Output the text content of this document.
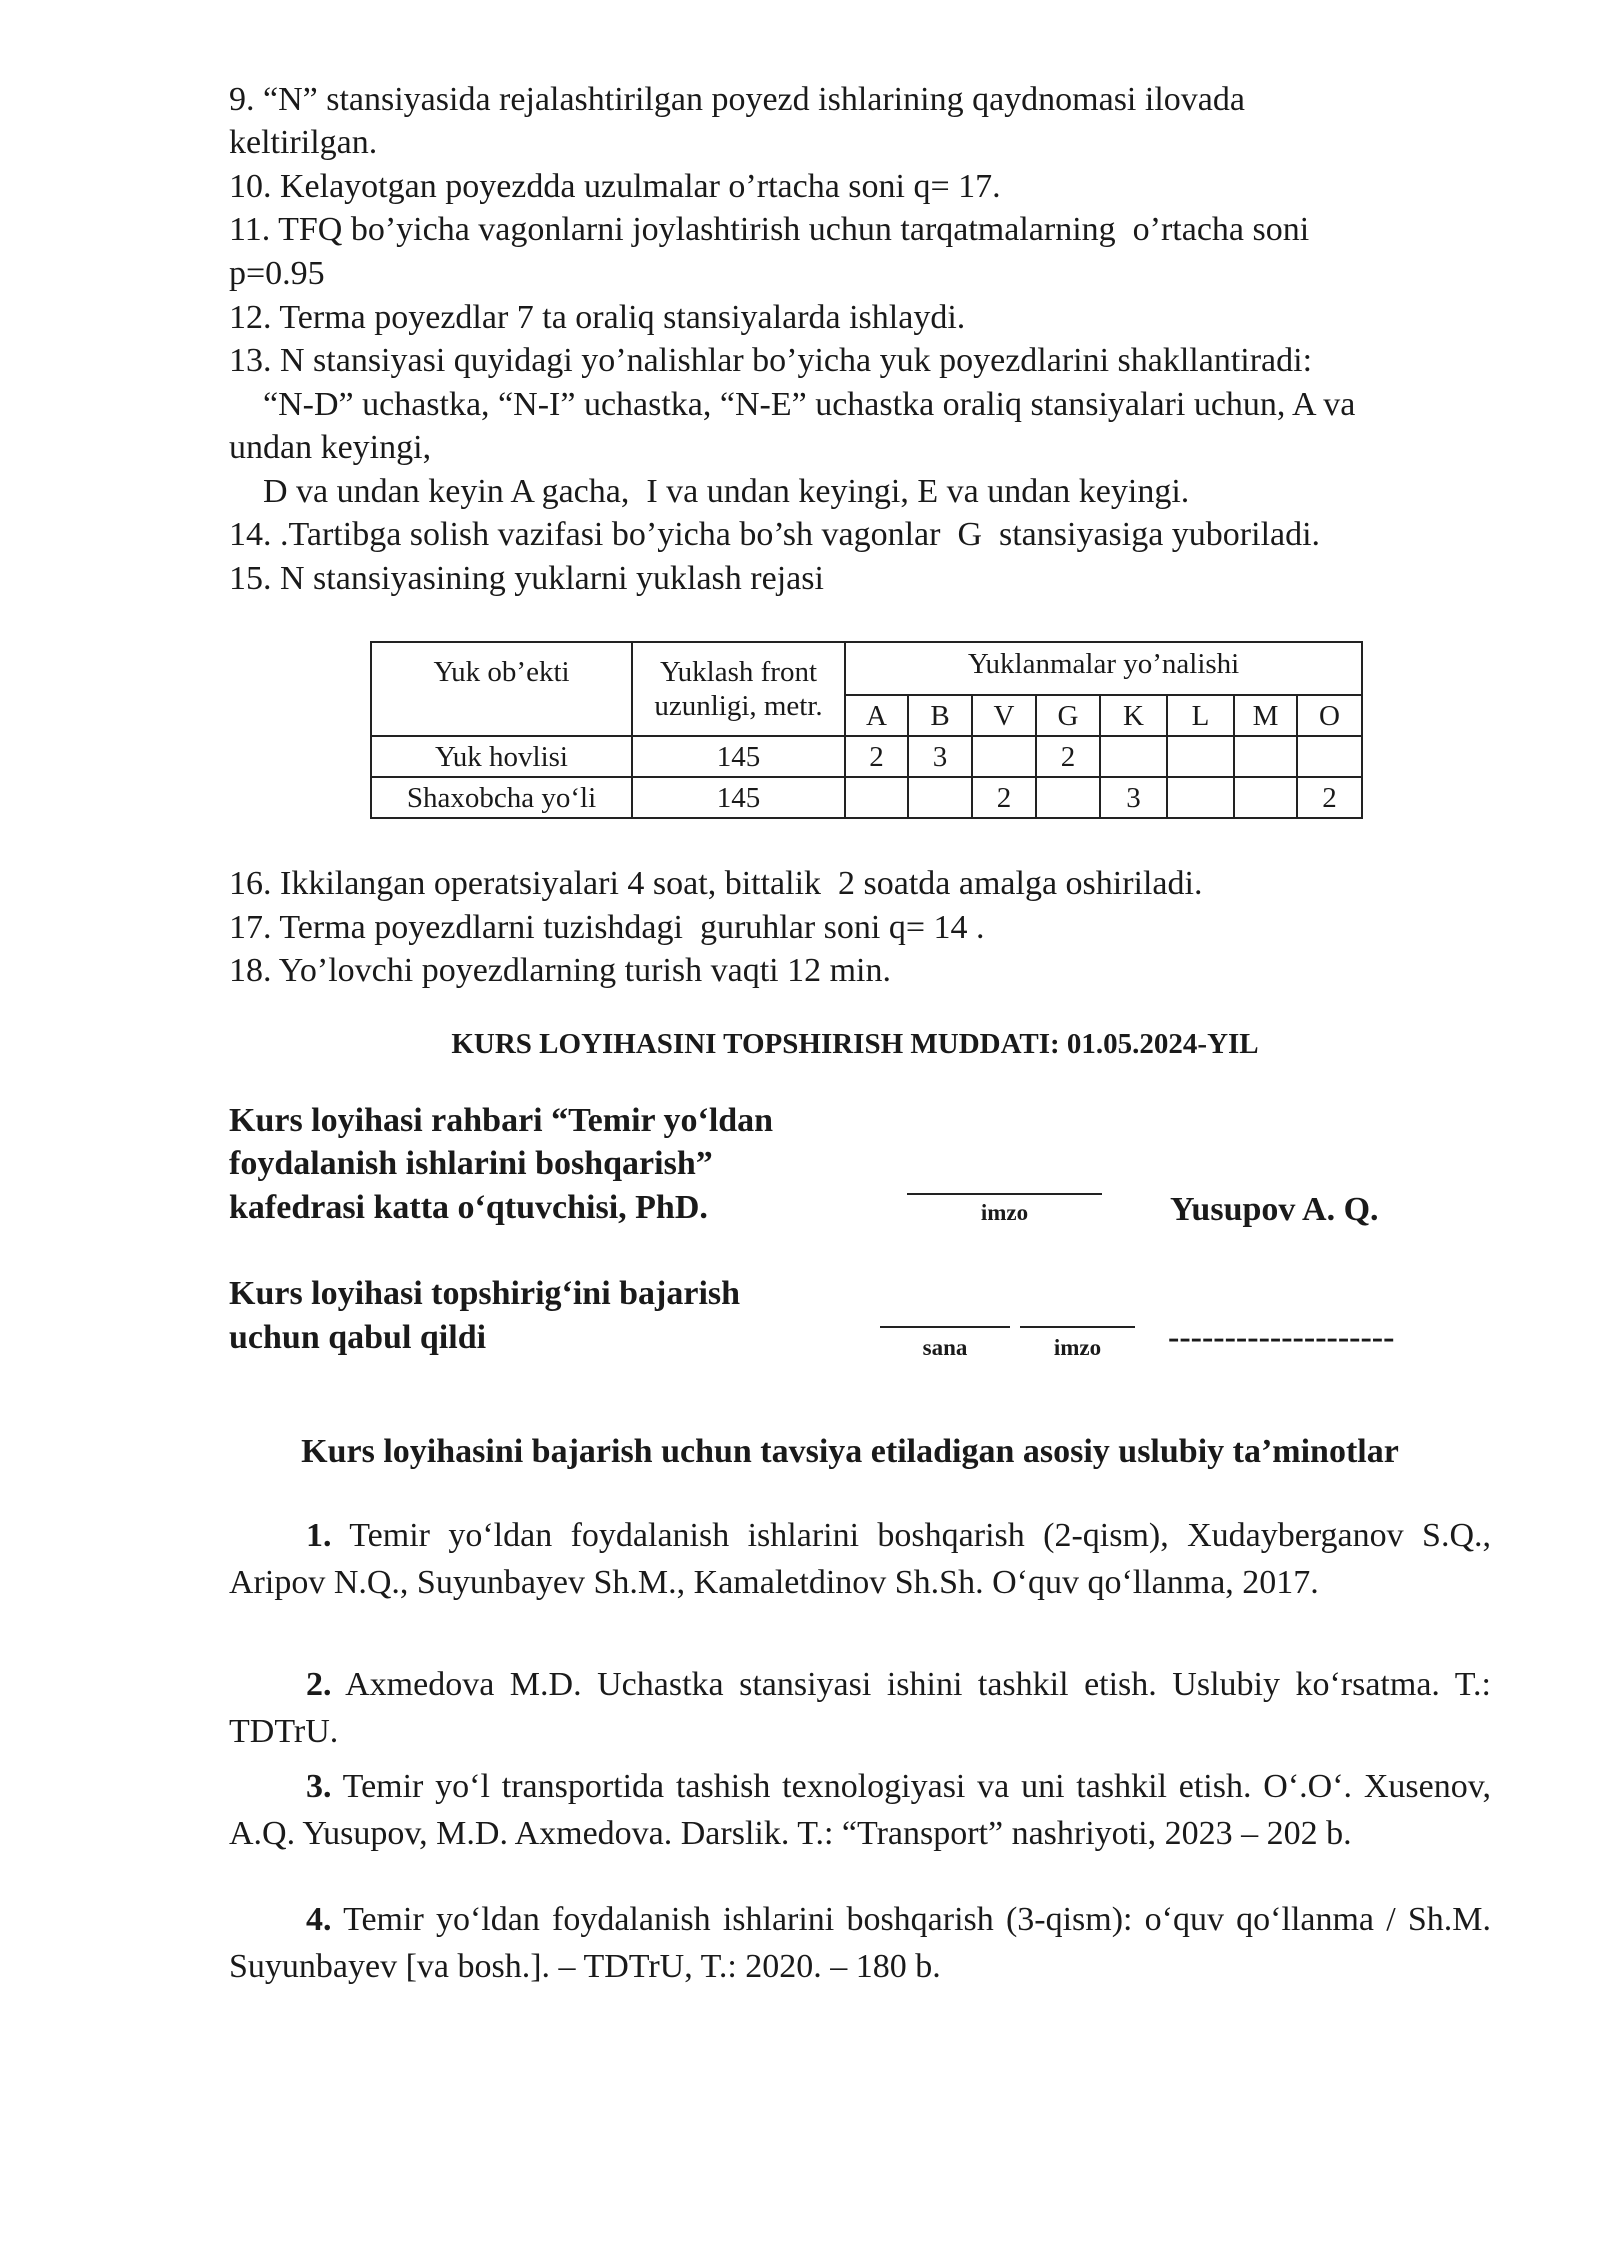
9. “N” stansiyasida rejalashtirilgan poyezd ishlarining qaydnomasi ilovada

keltirilgan.

10. Kelayotgan poyezdda uzulmalar o’rtacha soni q= 17.

11. TFQ bo’yicha vagonlarni joylashtirish uchun tarqatmalarning  o’rtacha soni

p=0.95

12. Terma poyezdlar 7 ta oraliq stansiyalarda ishlaydi.

13. N stansiyasi quyidagi yo’nalishlar bo’yicha yuk poyezdlarini shakllantiradi:

“N-D” uchastka, “N-I” uchastka, “N-E” uchastka oraliq stansiyalari uchun, A va

undan keyingi,

D va undan keyin A gacha,  I va undan keyingi, E va undan keyingi.

14. .Tartibga solish vazifasi bo’yicha bo’sh vagonlar  G  stansiyasiga yuboriladi.

15. N stansiyasining yuklarni yuklash rejasi

Yuk ob’ekti	Yuklash front uzunligi, metr.	Yuklanmalar yo’nalishi							
		A	B	V	G	K	L	M	O
Yuk hovlisi	145	2	3		2				
Shaxobcha yo‘li	145			2		3			2

16. Ikkilangan operatsiyalari 4 soat, bittalik  2 soatda amalga oshiriladi.

17. Terma poyezdlarni tuzishdagi  guruhlar soni q= 14 .

18. Yo’lovchi poyezdlarning turish vaqti 12 min.

KURS LOYIHASINI TOPSHIRISH MUDDATI: 01.05.2024-YIL

Kurs loyihasi rahbari “Temir yo‘ldan

foydalanish ishlarini boshqarish”

kafedrasi katta o‘qtuvchisi, PhD.	imzo	Yusupov A. Q.

Kurs loyihasi topshirig‘ini bajarish

uchun qabul qildi	sana	imzo	--------------------

Kurs loyihasini bajarish uchun tavsiya etiladigan asosiy uslubiy ta’minotlar

1. Temir yo‘ldan foydalanish ishlarini boshqarish (2-qism), Xudayberganov S.Q., Aripov N.Q., Suyunbayev Sh.M., Kamaletdinov Sh.Sh. O‘quv qo‘llanma, 2017.

2. Axmedova M.D. Uchastka stansiyasi ishini tashkil etish. Uslubiy ko‘rsatma. T.: TDTrU.

3. Temir yo‘l transportida tashish texnologiyasi va uni tashkil etish. O‘.O‘. Xusenov, A.Q. Yusupov, M.D. Axmedova. Darslik. T.: “Transport” nashriyoti, 2023 – 202 b.

4. Temir yo‘ldan foydalanish ishlarini boshqarish (3-qism): o‘quv qo‘llanma / Sh.M. Suyunbayev [va bosh.]. – TDTrU, T.: 2020. – 180 b.
